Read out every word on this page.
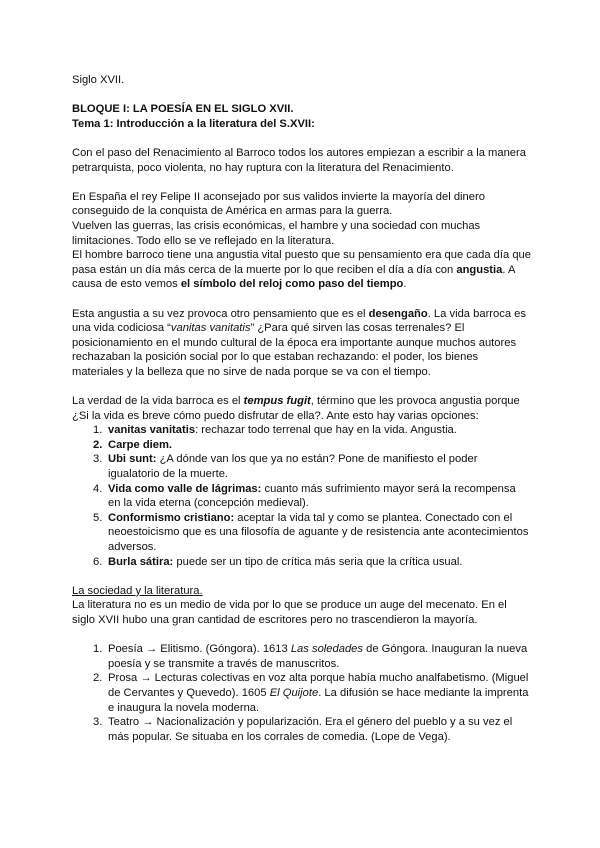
Siglo XVII.
BLOQUE I: LA POESÍA EN EL SIGLO XVII.
Tema 1: Introducción a la literatura del S.XVII:
Con el paso del Renacimiento al Barroco todos los autores empiezan a escribir a la manera
petrarquista, poco violenta, no hay ruptura con la literatura del Renacimiento.
En España el rey Felipe II aconsejado por sus validos invierte la mayoría del dinero
conseguido de la conquista de América en armas para la guerra.
Vuelven las guerras, las crisis económicas, el hambre y una sociedad con muchas
limitaciones. Todo ello se ve reflejado en la literatura.
El hombre barroco tiene una angustia vital puesto que su pensamiento era que cada día que
pasa están un día más cerca de la muerte por lo que reciben el día a día con angustia. A
causa de esto vemos el símbolo del reloj como paso del tiempo.
Esta angustia a su vez provoca otro pensamiento que es el desengaño. La vida barroca es
una vida codiciosa “vanitas vanitatis” ¿Para qué sirven las cosas terrenales? El
posicionamiento en el mundo cultural de la época era importante aunque muchos autores
rechazaban la posición social por lo que estaban rechazando: el poder, los bienes
materiales y la belleza que no sirve de nada porque se va con el tiempo.
La verdad de la vida barroca es el tempus fugit, término que les provoca angustia porque
¿Si la vida es breve cómo puedo disfrutar de ella?. Ante esto hay varias opciones:
1. vanitas vanitatis: rechazar todo terrenal que hay en la vida. Angustia.
2. Carpe diem.
3. Ubi sunt: ¿A dónde van los que ya no están? Pone de manifiesto el poder
igualatorio de la muerte.
4. Vida como valle de lágrimas: cuanto más sufrimiento mayor será la recompensa
en la vida eterna (concepción medieval).
5. Conformismo cristiano: aceptar la vida tal y como se plantea. Conectado con el
neoestoicismo que es una filosofía de aguante y de resistencia ante acontecimientos
adversos.
6. Burla sátira: puede ser un tipo de crítica más seria que la crítica usual.
La sociedad y la literatura.
La literatura no es un medio de vida por lo que se produce un auge del mecenato. En el
siglo XVII hubo una gran cantidad de escritores pero no trascendieron la mayoría.
1. Poesía → Elitismo. (Góngora). 1613 Las soledades de Góngora. Inauguran la nueva
poesía y se transmite a través de manuscritos.
2. Prosa → Lecturas colectivas en voz alta porque había mucho analfabetismo. (Miguel
de Cervantes y Quevedo). 1605 El Quijote. La difusión se hace mediante la imprenta
e inaugura la novela moderna.
3. Teatro → Nacionalización y popularización. Era el género del pueblo y a su vez el
más popular. Se situaba en los corrales de comedia. (Lope de Vega).
